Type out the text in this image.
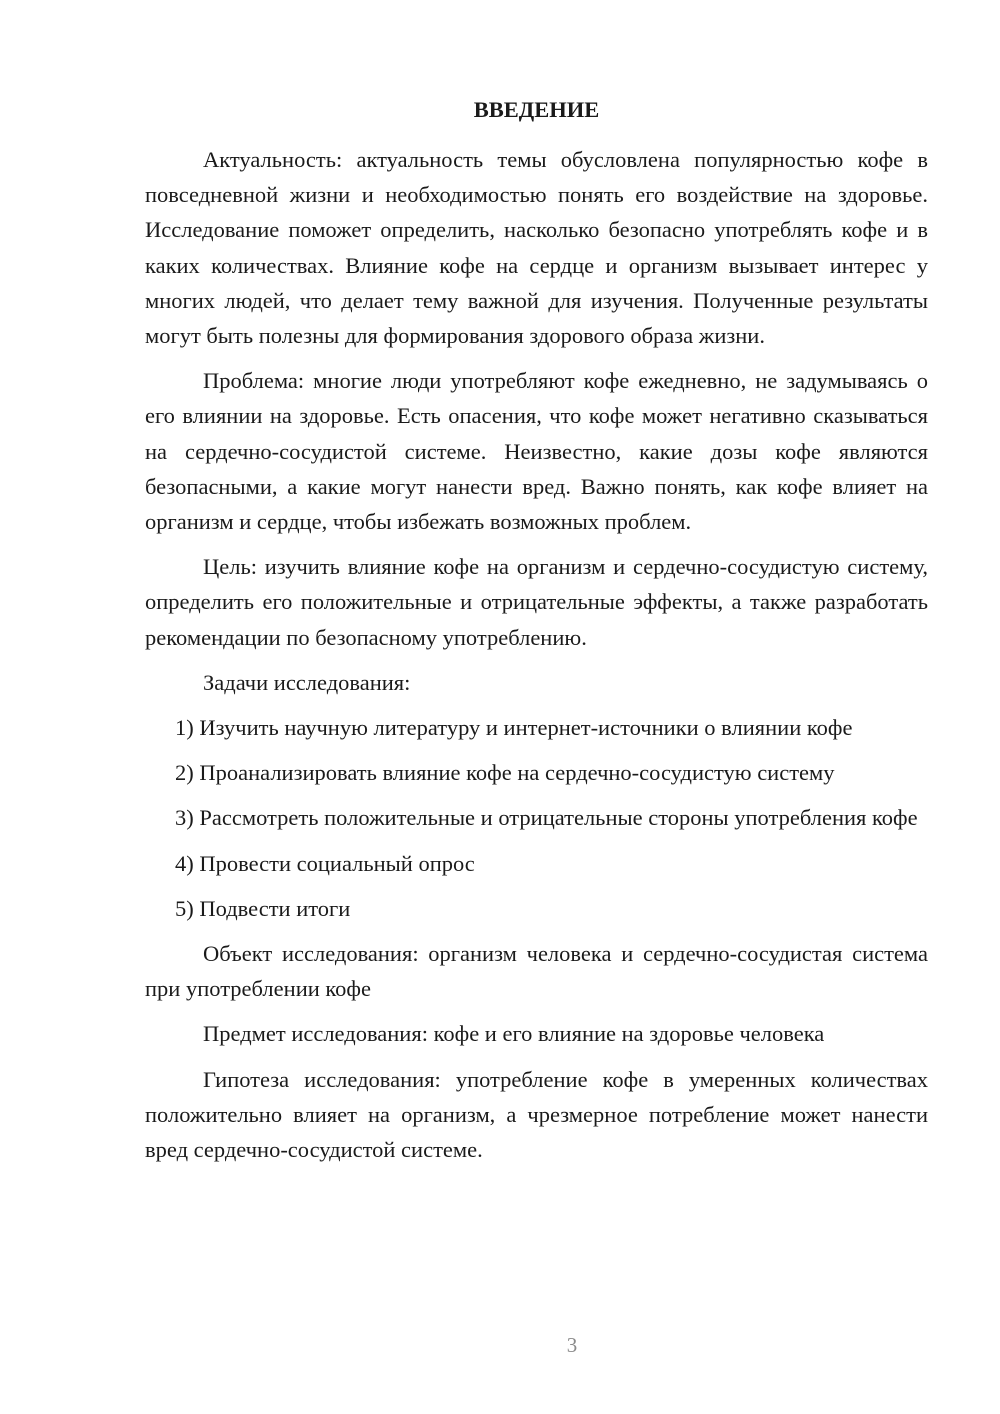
ВВЕДЕНИЕ

Актуальность: актуальность темы обусловлена популярностью кофе в повседневной жизни и необходимостью понять его воздействие на здоровье. Исследование поможет определить, насколько безопасно употреблять кофе и в каких количествах. Влияние кофе на сердце и организм вызывает интерес у многих людей, что делает тему важной для изучения. Полученные результаты могут быть полезны для формирования здорового образа жизни.

Проблема: многие люди употребляют кофе ежедневно, не задумываясь о его влиянии на здоровье. Есть опасения, что кофе может негативно сказываться на сердечно-сосудистой системе. Неизвестно, какие дозы кофе являются безопасными, а какие могут нанести вред. Важно понять, как кофе влияет на организм и сердце, чтобы избежать возможных проблем.

Цель: изучить влияние кофе на организм и сердечно-сосудистую систему, определить его положительные и отрицательные эффекты, а также разработать рекомендации по безопасному употреблению.

Задачи исследования:

1) Изучить научную литературу и интернет-источники о влиянии кофе

2) Проанализировать влияние кофе на сердечно-сосудистую систему

3) Рассмотреть положительные и отрицательные стороны употребления кофе

4) Провести социальный опрос

5) Подвести итоги

Объект исследования: организм человека и сердечно-сосудистая система при употреблении кофе

Предмет исследования: кофе и его влияние на здоровье человека

Гипотеза исследования: употребление кофе в умеренных количествах положительно влияет на организм, а чрезмерное потребление может нанести вред сердечно-сосудистой системе.

3
